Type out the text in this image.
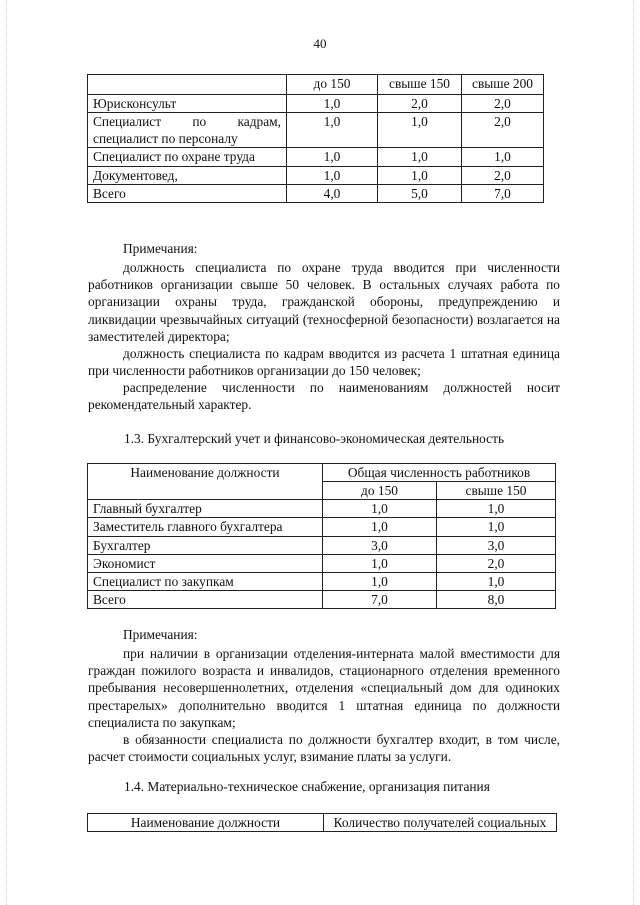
40
	до 150	свыше 150	свыше 200
Юрисконсульт	1,0	2,0	2,0
Специалист по кадрам, специалист по персоналу	1,0	1,0	2,0
Специалист по охране труда	1,0	1,0	1,0
Документовед,	1,0	1,0	2,0
Всего	4,0	5,0	7,0

Примечания:

должность специалиста по охране труда вводится при численности работников организации свыше 50 человек. В остальных случаях работа по организации охраны труда, гражданской обороны, предупреждению и ликвидации чрезвычайных ситуаций (техносферной безопасности) возлагается на заместителей директора;

должность специалиста по кадрам вводится из расчета 1 штатная единица при численности работников организации до 150 человек;

распределение численности по наименованиям должностей носит рекомендательный характер.

1.3. Бухгалтерский учет и финансово-экономическая деятельность
Наименование должности	Общая численность работников	
	до 150	свыше 150
Главный бухгалтер	1,0	1,0
Заместитель главного бухгалтера	1,0	1,0
Бухгалтер	3,0	3,0
Экономист	1,0	2,0
Специалист по закупкам	1,0	1,0
Всего	7,0	8,0

Примечания:

при наличии в организации отделения-интерната малой вместимости для граждан пожилого возраста и инвалидов, стационарного отделения временного пребывания несовершеннолетних, отделения «специальный дом для одиноких престарелых» дополнительно вводится 1 штатная единица по должности специалиста по закупкам;

в обязанности специалиста по должности бухгалтер входит, в том числе, расчет стоимости социальных услуг, взимание платы за услуги.

1.4. Материально-техническое снабжение, организация питания
Наименование должности	Количество получателей социальных
